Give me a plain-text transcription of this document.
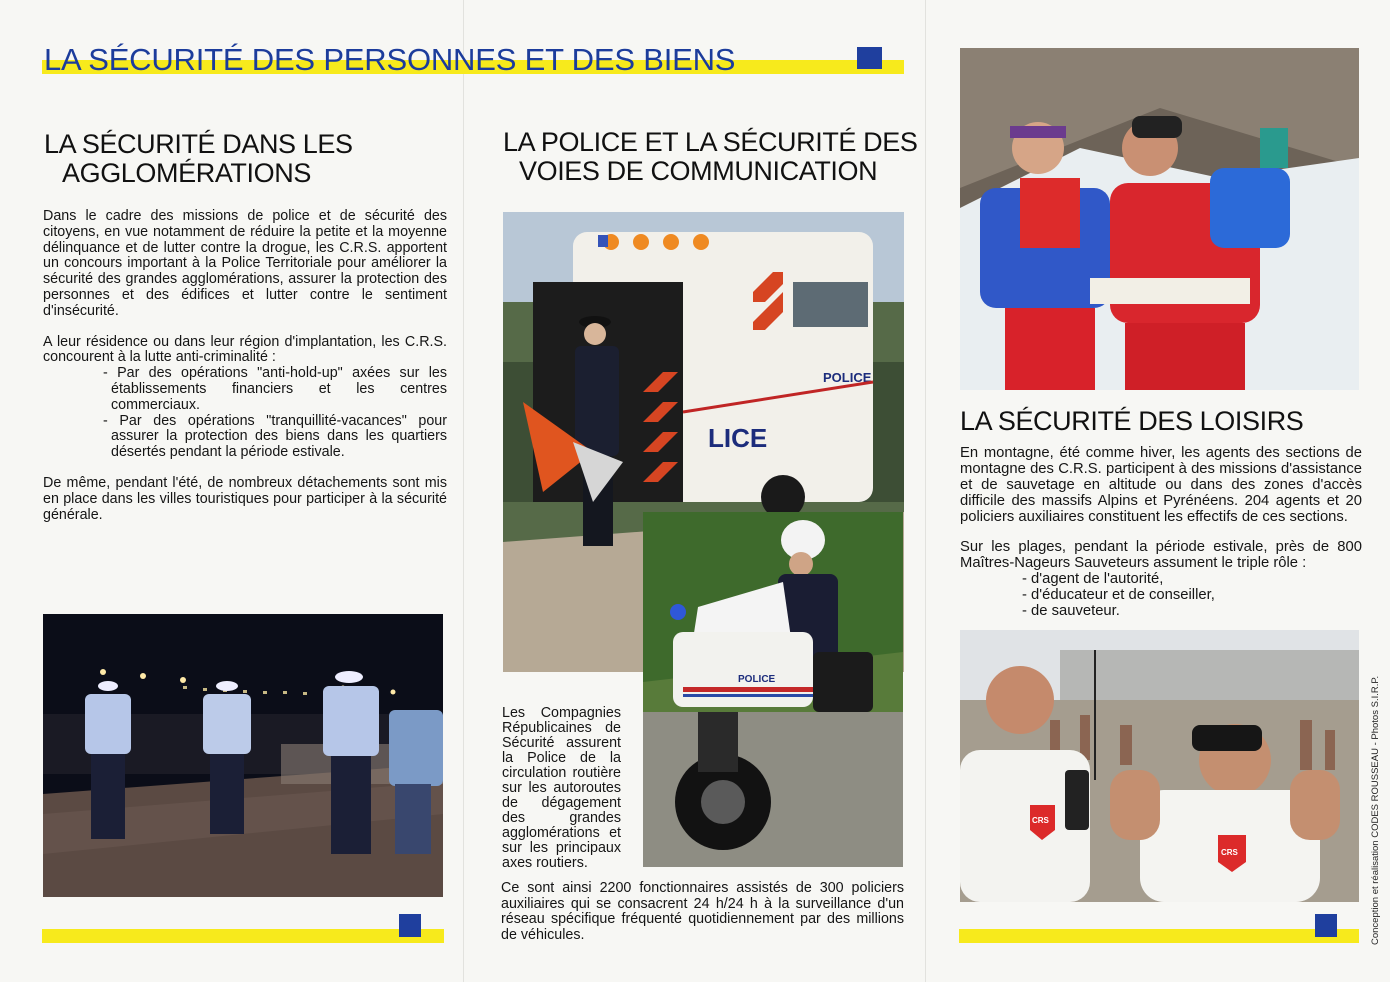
LA SÉCURITÉ DES PERSONNES ET DES BIENS
LA SÉCURITÉ DANS LES
AGGLOMÉRATIONS

Dans le cadre des missions de police et de sécurité des citoyens, en vue notamment de réduire la petite et la moyenne délinquance et de lutter contre la drogue, les C.R.S. apportent un concours important à la Police Territoriale pour améliorer la sécurité des grandes agglomérations, assurer la protection des personnes et des édifices et lutter contre le sentiment d'insécurité.

A leur résidence ou dans leur région d'implantation, les C.R.S. concourent à la lutte anti-criminalité :

- Par des opérations "anti-hold-up" axées sur les établissements financiers et les centres commerciaux.

- Par des opérations "tranquillité-vacances" pour assurer la protection des biens dans les quartiers désertés pendant la période estivale.

De même, pendant l'été, de nombreux détachements sont mis en place dans les villes touristiques pour participer à la sécurité générale.

LA POLICE ET LA SÉCURITÉ DES
VOIES DE COMMUNICATION
POLICE
LICE
POLICE

Les Compagnies Républicaines de Sécurité assurent la Police de la circulation routière sur les autoroutes de dégagement des grandes agglomérations et sur les principaux axes routiers.

Ce sont ainsi 2200 fonctionnaires assistés de 300 policiers auxiliaires qui se consacrent 24 h/24 h à la surveillance d'un réseau spécifique fréquenté quotidiennement par des millions de véhicules.

LA SÉCURITÉ DES LOISIRS

En montagne, été comme hiver, les agents des sections de montagne des C.R.S. participent à des missions d'assistance et de sauvetage en altitude ou dans des zones d'accès difficile des massifs Alpins et Pyrénéens. 204 agents et 20 policiers auxiliaires constituent les effectifs de ces sections.

Sur les plages, pendant la période estivale, près de 800 Maîtres-Nageurs Sauveteurs assument le triple rôle :

- d'agent de l'autorité,

- d'éducateur et de conseiller,

- de sauveteur.

CRS
CRS	Conception et réalisation CODES ROUSSEAU - Photos S.I.R.P.
